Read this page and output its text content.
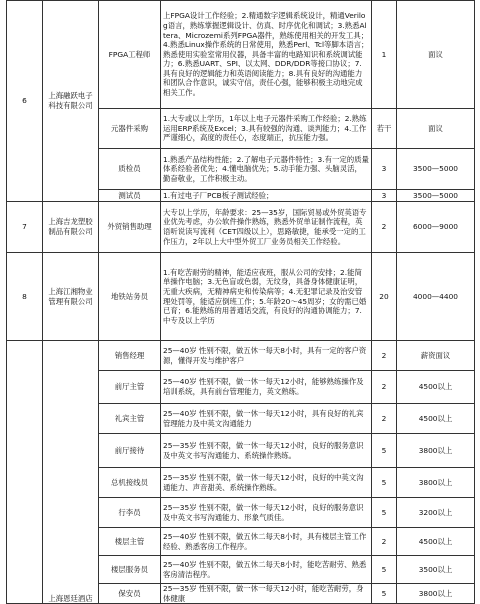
6	上海融跃电子科技有限公司	FPGA工程师	上FPGA设计工作经验；2.精通数字逻辑系统设计，精通Verilog语言，熟练掌握逻辑设计、仿真、时序优化和调试；3.熟悉Altera、Microzemi系列FPGA器件，熟练使用相关的开发工具；4.熟悉Linux操作系统的日常使用，熟悉Perl、Tcl等脚本语言；熟悉使用实验室常用仪器，具备丰富的电路知识和系统调试能力；6.熟悉UART、SPI、以太网、DDR/DDR等接口协议；7.具有良好的逻辑能力和英语阅读能力；8.具有良好的沟通能力和团队合作意识，诚实守信，责任心强，能够积极主动地完成相关工作。	1	面议
		元器件采购	1.大专或以上学历，1年以上电子元器件采购工作经验；2.熟练运用ERP系统及Excel；3.具有较强的沟通、谈判能力；4.工作严谨细心，高度的责任心，态度端正，抗压能力强。	若干	面议
		质检员	1.熟悉产品结构性能；2.了解电子元器件特性；3.有一定的质量体系经验者优先；4.懂电脑优先；5.动手能力强、头脑灵活，勤奋敬业，工作积极主动。	3	3500—5000
		测试员	1.有过电子厂PCB板子测试经验；	3	3500—5000
7	上海吉龙塑胶制品有限公司	外贸销售助理	大专以上学历，年龄要求：25—35岁，国际贸易或外贸英语专业优先考虑，办公软件操作熟练，熟悉外贸单证制作流程，英语听说读写流利（CET四级以上），思路敏捷，能承受一定的工作压力，2年以上大中型外贸工厂业务员相关工作经验。	2	6000—9000
8	上海江湘物业管理有限公司	地铁站务员	1.有吃苦耐劳的精神，能适应夜班，服从公司的安排；2.能简单操作电脑；3.无色盲或色弱，无纹身，具备身体健康证明，无重大疾病，无精神病史和传染病等；4.无犯罪记录及治安管理处罚等，能适应倒班工作；5.年龄20～45周岁；女的需已婚已育；6.能熟练的用普通话交流，有良好的沟通协调能力；7.中专及以上学历	20	4000—4400
	上海恩廷酒店	销售经理	25—40岁 性别不限，做五休一每天8小时，具有一定的客户资源，懂得开发与维护客户	2	薪资面议
		前厅主管	25—40岁 性别不限，做一休一每天12小时，能够熟练操作及培训系统，具有前台管理能力，英文熟练。	2	4500以上
		礼宾主管	25—40岁 性别不限，做一休一每天12小时，具有良好的礼宾管理能力及中英文沟通能力	2	4500以上
		前厅接待	25—35岁 性别不限，做一休一每天12小时，良好的服务意识及中英文书写沟通能力、系统操作熟练。	5	3800以上
		总机接线员	25—35岁 性别不限，做一休一每天12小时，良好的中英文沟通能力、声音甜美、系统操作熟练。	5	3800以上
		行李员	25—35岁 性别不限，做一休一每天12小时，良好的服务意识及中英文书写沟通能力、形象气质佳。	5	3200以上
		楼层主管	25—40岁 性别不限，做五休二每天8小时，具有楼层主管工作经验、熟悉客房工作程序。	2	4500以上
		楼层服务员	25—40岁 性别不限，做五休二每天8小时，能吃苦耐劳、熟悉客房清洁程序。	5	3500以上
		保安员	25—35岁 性别不限，做一休一每天12小时，能吃苦耐劳，身体健康	5	3800以上
